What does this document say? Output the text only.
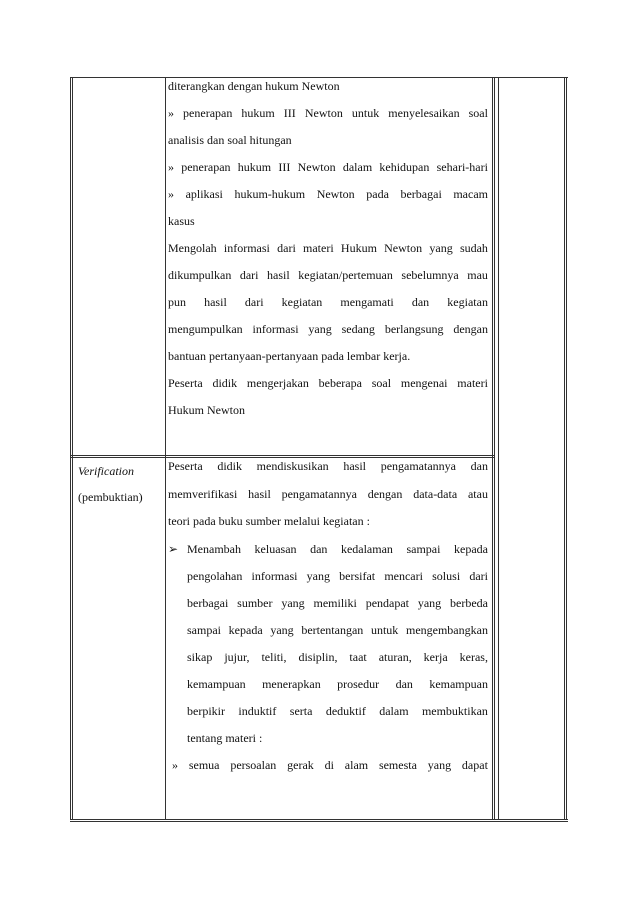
Verification
(pembuktian)
diterangkan dengan hukum Newton
» penerapan hukum III Newton untuk menyelesaikan soal
analisis dan soal hitungan
» penerapan hukum III Newton dalam kehidupan sehari-hari
» aplikasi hukum-hukum Newton pada berbagai macam
kasus
Mengolah informasi dari materi Hukum Newton yang sudah
dikumpulkan dari hasil kegiatan/pertemuan sebelumnya mau
pun hasil dari kegiatan mengamati dan kegiatan
mengumpulkan informasi yang sedang berlangsung dengan
bantuan pertanyaan-pertanyaan pada lembar kerja.
Peserta didik mengerjakan beberapa soal mengenai materi
Hukum Newton
Peserta didik mendiskusikan hasil pengamatannya dan
memverifikasi hasil pengamatannya dengan data-data atau
teori pada buku sumber melalui kegiatan :
➢ Menambah keluasan dan kedalaman sampai kepada
pengolahan informasi yang bersifat mencari solusi dari
berbagai sumber yang memiliki pendapat yang berbeda
sampai kepada yang bertentangan untuk mengembangkan
sikap jujur, teliti, disiplin, taat aturan, kerja keras,
kemampuan menerapkan prosedur dan kemampuan
berpikir induktif serta deduktif dalam membuktikan
tentang materi :
» semua persoalan gerak di alam semesta yang dapat
